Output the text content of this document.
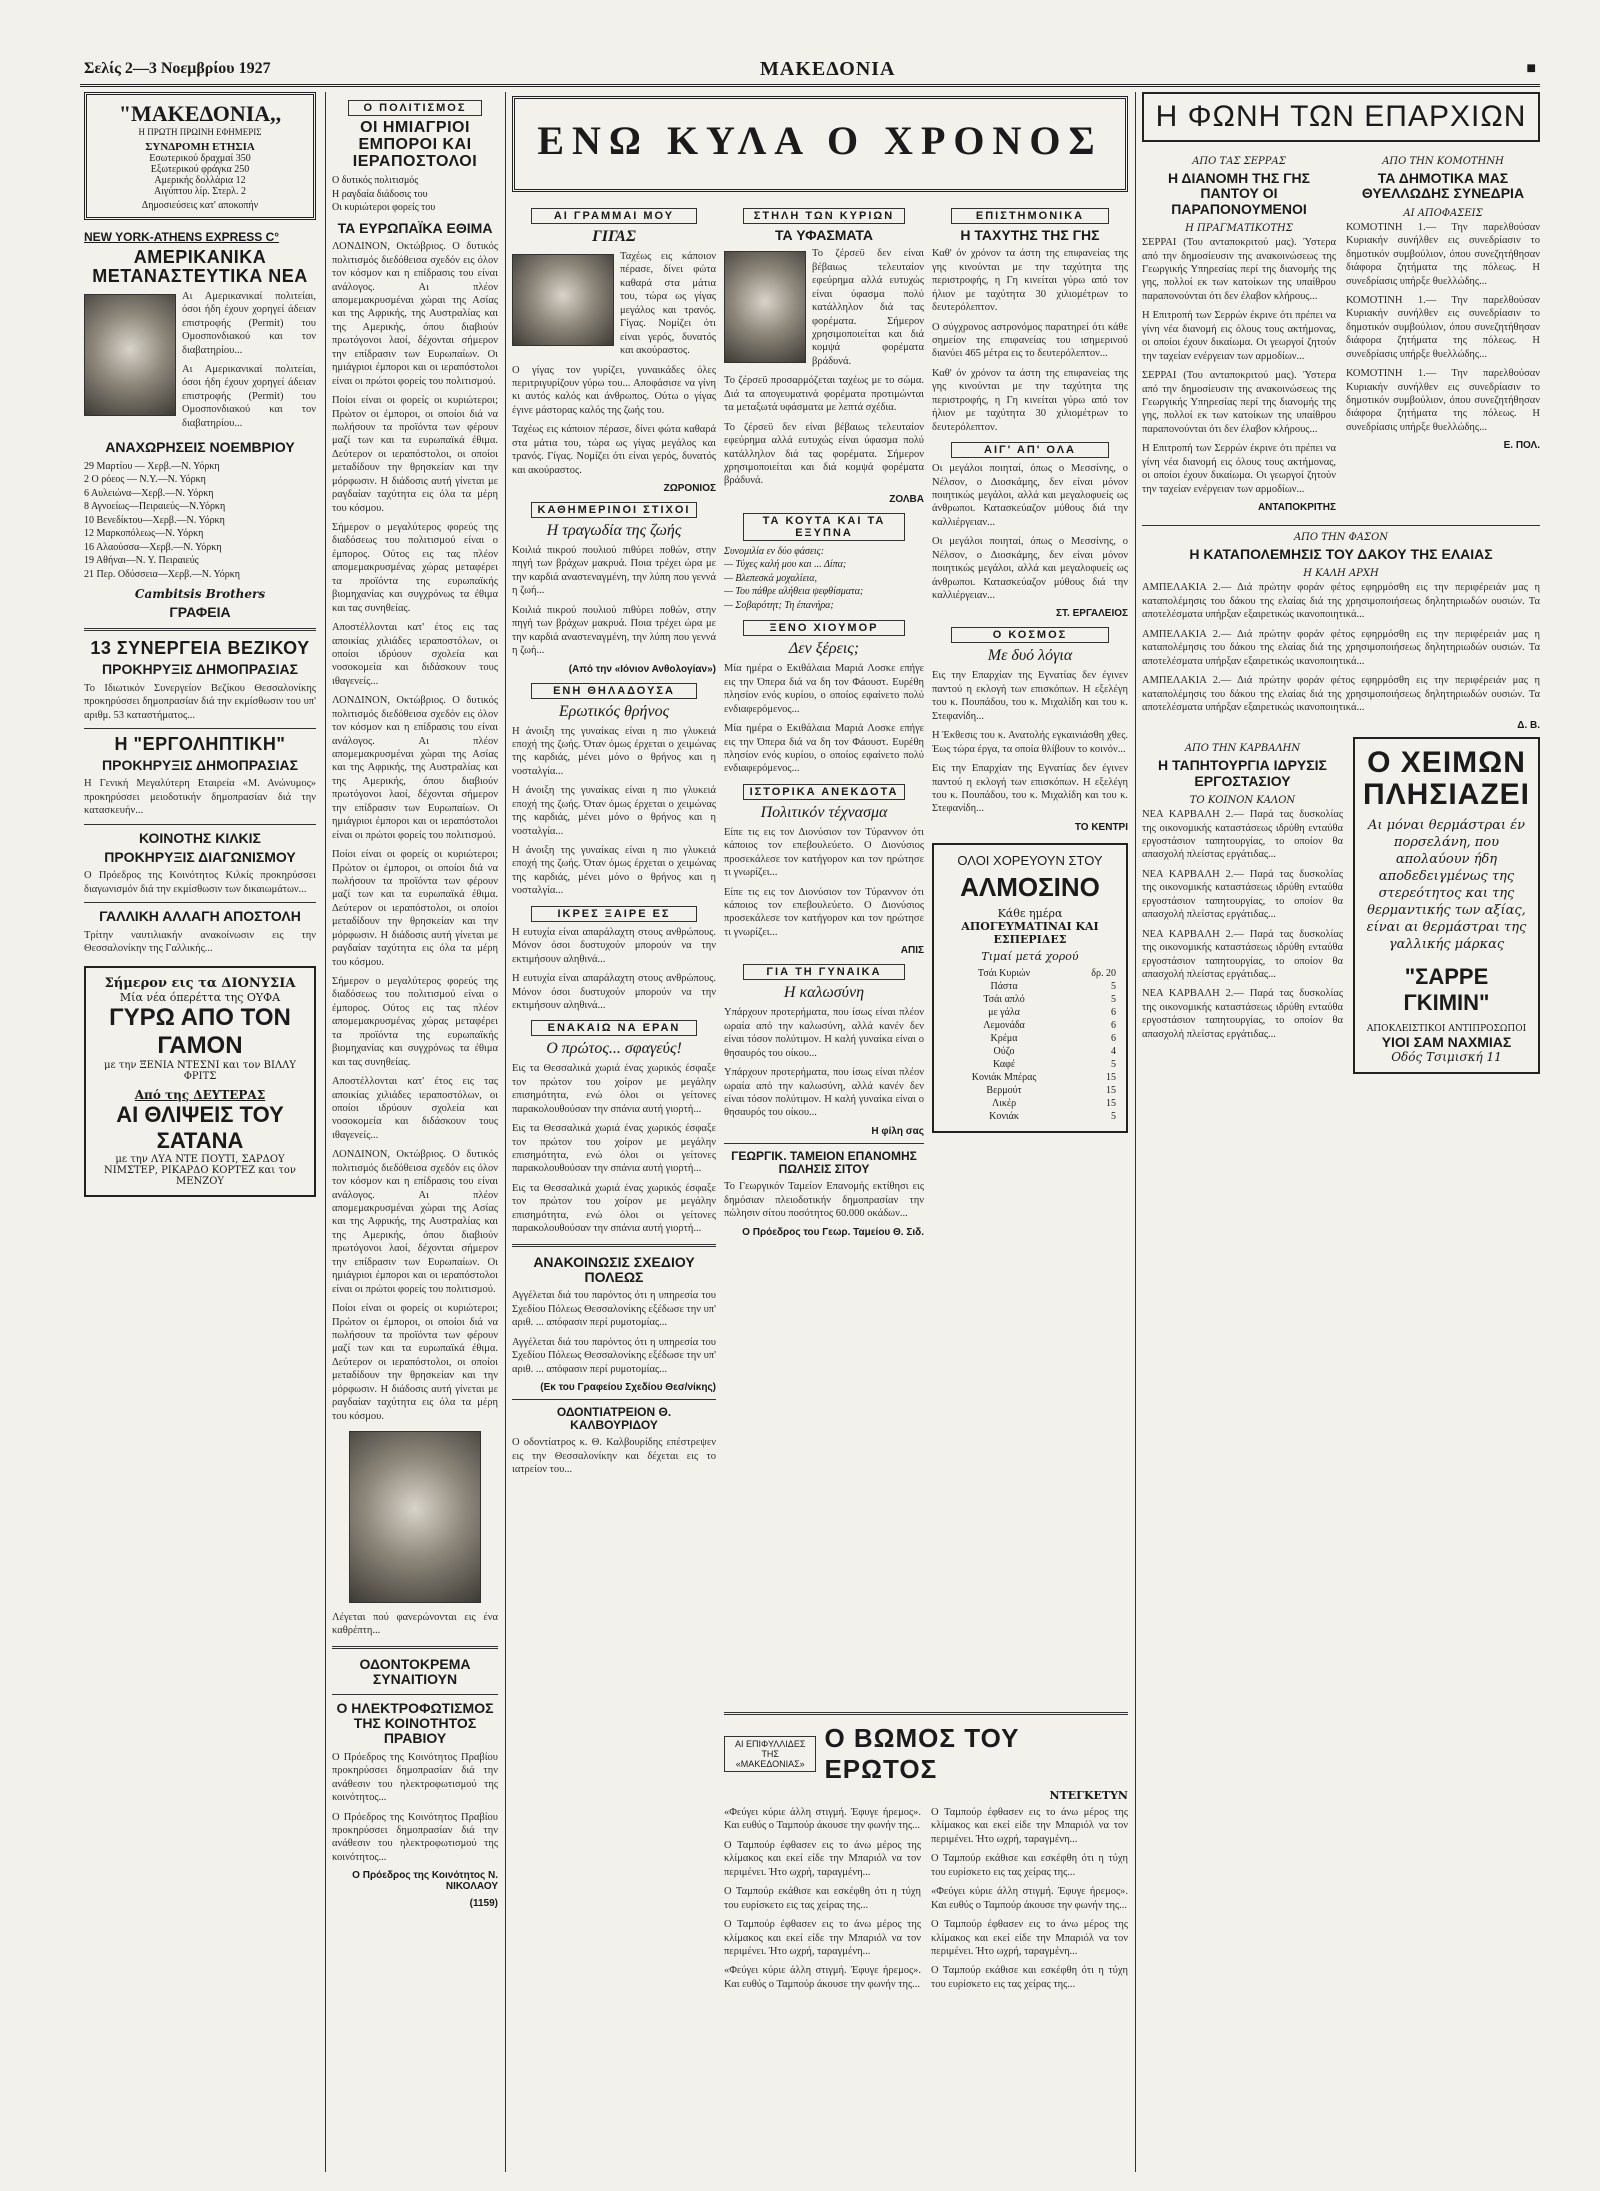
Σελίς 2—3 Νοεμβρίου 1927	ΜΑΚΕΔΟΝΙΑ	■
"ΜΑΚΕΔΟΝΙΑ,,
Η ΠΡΩΤΗ ΠΡΩΙΝΗ ΕΦΗΜΕΡΙΣ
ΣΥΝΔΡΟΜΗ ΕΤΗΣΙΑ
Εσωτερικού δραχμαί 350
Εξωτερικού φράγκα 250
Αμερικής δολλάρια 12
Αιγύπτου λίρ. Στερλ. 2
Δημοσιεύσεις κατ' αποκοπήν
NEW YORK-ATHENS EXPRESS C°
ΑΜΕΡΙΚΑΝΙΚΑ ΜΕΤΑΝΑΣΤΕΥΤΙΚΑ ΝΕΑ

Αι Αμερικανικαί πολιτείαι, όσοι ήδη έχουν χορηγεί άδειαν επιστροφής (Permit) του Ομοσπονδιακού και τον διαβατηρίου...

Αι Αμερικανικαί πολιτείαι, όσοι ήδη έχουν χορηγεί άδειαν επιστροφής (Permit) του Ομοσπονδιακού και τον διαβατηρίου...

ΑΝΑΧΩΡΗΣΕΙΣ ΝΟΕΜΒΡΙΟΥ
29 Μαρτίου — Χερβ.—Ν. Υόρκη
2 Ο ρόεος — Ν.Υ.—Ν. Υόρκη
6 Αυλειώνα—Χερβ.—Ν. Υόρκη
8 Αγνοείως—Πειραιεύς—Ν.Υόρκη
10 Βενεδίκτου—Χερβ.—Ν. Υόρκη
12 Μαρκοπόλεως—Ν. Υόρκη
16 Αλαούσσα—Χερβ.—Ν. Υόρκη
19 Αθήναι—Ν. Υ. Πειραιεύς
21 Περ. Οδύσσεια—Χερβ.—Ν. Υόρκη
Cambitsis Brothers
ΓΡΑΦΕΙΑ
13 ΣΥΝΕΡΓΕΙΑ ΒΕΖΙΚΟΥ
ΠΡΟΚΗΡΥΞΙΣ ΔΗΜΟΠΡΑΣΙΑΣ

Το Ιδιωτικόν Συνεργείον Βεζίκου Θεσσαλονίκης προκηρύσσει δημοπρασίαν διά την εκμίσθωσιν του υπ' αριθμ. 53 καταστήματος...

Η "ΕΡΓΟΛΗΠΤΙΚΗ"
ΠΡΟΚΗΡΥΞΙΣ ΔΗΜΟΠΡΑΣΙΑΣ

Η Γενική Μεγαλύτερη Εταιρεία «Μ. Ανώνυμος» προκηρύσσει μειοδοτικήν δημοπρασίαν διά την κατασκευήν...

ΚΟΙΝΟΤΗΣ ΚΙΛΚΙΣ
ΠΡΟΚΗΡΥΞΙΣ ΔΙΑΓΩΝΙΣΜΟΥ

Ο Πρόεδρος της Κοινότητος Κιλκίς προκηρύσσει διαγωνισμόν διά την εκμίσθωσιν των δικαιωμάτων...

ΓΑΛΛΙΚΗ ΑΛΛΑΓΗ ΑΠΟΣΤΟΛΗ

Τρίτην ναυτιλιακήν ανακοίνωσιν εις την Θεσσαλονίκην της Γαλλικής...

Σήμερον εις τα ΔΙΟΝΥΣΙΑ
Μία νέα όπερέττα της ΟΥΦΑ
ΓΥΡΩ ΑΠΟ ΤΟΝ ΓΑΜΟΝ
με την ΞΕΝΙΑ ΝΤΕΣΝΙ και τον ΒΙΛΛΥ ΦΡΙΤΣ
Από της ΔΕΥΤΕΡΑΣ
ΑΙ ΘΛΙΨΕΙΣ ΤΟΥ ΣΑΤΑΝΑ
με την ΛΥΑ ΝΤΕ ΠΟΥΤΙ, ΣΑΡΔΟΥ ΝΙΜΣΤΕΡ, ΡΙΚΑΡΔΟ ΚΟΡΤΕΖ και τον ΜΕΝΖΟΥ
Ο ΠΟΛΙΤΙΣΜΟΣ
ΟΙ ΗΜΙΑΓΡΙΟΙ ΕΜΠΟΡΟΙ ΚΑΙ ΙΕΡΑΠΟΣΤΟΛΟΙ
Ο δυτικός πολιτισμός
Η ραγδαία διάδοσις του
Οι κυριώτεροι φορείς του
ΤΑ ΕΥΡΩΠΑΪΚΑ ΕΘΙΜΑ

ΛΟΝΔΙΝΟΝ, Οκτώβριος. Ο δυτικός πολιτισμός διεδόθεισα σχεδόν εις όλον τον κόσμον και η επίδρασις του είναι ανάλογος. Αι πλέον απομεμακρυσμέναι χώραι της Ασίας και της Αφρικής, της Αυστραλίας και της Αμερικής, όπου διαβιούν πρωτόγονοι λαοί, δέχονται σήμερον την επίδρασιν των Ευρωπαίων. Οι ημιάγριοι έμποροι και οι ιεραπόστολοι είναι οι πρώτοι φορείς του πολιτισμού.

Ποίοι είναι οι φορείς οι κυριώτεροι; Πρώτον οι έμποροι, οι οποίοι διά να πωλήσουν τα προϊόντα των φέρουν μαζί των και τα ευρωπαϊκά έθιμα. Δεύτερον οι ιεραπόστολοι, οι οποίοι μεταδίδουν την θρησκείαν και την μόρφωσιν. Η διάδοσις αυτή γίνεται με ραγδαίαν ταχύτητα εις όλα τα μέρη του κόσμου.

Σήμερον ο μεγαλύτερος φορεύς της διαδόσεως του πολιτισμού είναι ο έμπορος. Ούτος εις τας πλέον απομεμακρυσμένας χώρας μεταφέρει τα προϊόντα της ευρωπαϊκής βιομηχανίας και συγχρόνως τα έθιμα και τας συνηθείας.

Αποστέλλονται κατ' έτος εις τας αποικίας χιλιάδες ιεραποστόλων, οι οποίοι ιδρύουν σχολεία και νοσοκομεία και διδάσκουν τους ιθαγενείς...

ΛΟΝΔΙΝΟΝ, Οκτώβριος. Ο δυτικός πολιτισμός διεδόθεισα σχεδόν εις όλον τον κόσμον και η επίδρασις του είναι ανάλογος. Αι πλέον απομεμακρυσμέναι χώραι της Ασίας και της Αφρικής, της Αυστραλίας και της Αμερικής, όπου διαβιούν πρωτόγονοι λαοί, δέχονται σήμερον την επίδρασιν των Ευρωπαίων. Οι ημιάγριοι έμποροι και οι ιεραπόστολοι είναι οι πρώτοι φορείς του πολιτισμού.

Ποίοι είναι οι φορείς οι κυριώτεροι; Πρώτον οι έμποροι, οι οποίοι διά να πωλήσουν τα προϊόντα των φέρουν μαζί των και τα ευρωπαϊκά έθιμα. Δεύτερον οι ιεραπόστολοι, οι οποίοι μεταδίδουν την θρησκείαν και την μόρφωσιν. Η διάδοσις αυτή γίνεται με ραγδαίαν ταχύτητα εις όλα τα μέρη του κόσμου.

Σήμερον ο μεγαλύτερος φορεύς της διαδόσεως του πολιτισμού είναι ο έμπορος. Ούτος εις τας πλέον απομεμακρυσμένας χώρας μεταφέρει τα προϊόντα της ευρωπαϊκής βιομηχανίας και συγχρόνως τα έθιμα και τας συνηθείας.

Αποστέλλονται κατ' έτος εις τας αποικίας χιλιάδες ιεραποστόλων, οι οποίοι ιδρύουν σχολεία και νοσοκομεία και διδάσκουν τους ιθαγενείς...

ΛΟΝΔΙΝΟΝ, Οκτώβριος. Ο δυτικός πολιτισμός διεδόθεισα σχεδόν εις όλον τον κόσμον και η επίδρασις του είναι ανάλογος. Αι πλέον απομεμακρυσμέναι χώραι της Ασίας και της Αφρικής, της Αυστραλίας και της Αμερικής, όπου διαβιούν πρωτόγονοι λαοί, δέχονται σήμερον την επίδρασιν των Ευρωπαίων. Οι ημιάγριοι έμποροι και οι ιεραπόστολοι είναι οι πρώτοι φορείς του πολιτισμού.

Ποίοι είναι οι φορείς οι κυριώτεροι; Πρώτον οι έμποροι, οι οποίοι διά να πωλήσουν τα προϊόντα των φέρουν μαζί των και τα ευρωπαϊκά έθιμα. Δεύτερον οι ιεραπόστολοι, οι οποίοι μεταδίδουν την θρησκείαν και την μόρφωσιν. Η διάδοσις αυτή γίνεται με ραγδαίαν ταχύτητα εις όλα τα μέρη του κόσμου.

Λέγεται πού φανερώνονται εις ένα καθρέπτη...

ΟΔΟΝΤΟΚΡΕΜΑ ΣΥΝΑΙΤΙΟΥΝ
Ο ΗΛΕΚΤΡΟΦΩΤΙΣΜΟΣ ΤΗΣ ΚΟΙΝΟΤΗΤΟΣ ΠΡΑΒΙΟΥ

Ο Πρόεδρος της Κοινότητος Πραβίου προκηρύσσει δημοπρασίαν διά την ανάθεσιν του ηλεκτροφωτισμού της κοινότητος...

Ο Πρόεδρος της Κοινότητος Πραβίου προκηρύσσει δημοπρασίαν διά την ανάθεσιν του ηλεκτροφωτισμού της κοινότητος...

Ο Πρόεδρος της Κοινότητος Ν. ΝΙΚΟΛΑΟΥ
(1159)
ΕΝΩ ΚΥΛΑ Ο ΧΡΟΝΟΣ
ΑΙ ΓΡΑΜΜΑΙ ΜΟΥ
ΓΙΓΑΣ

Ταχέως εις κάποιον πέρασε, δίνει φώτα καθαρά στα μάτια του, τώρα ως γίγας μεγάλος και τρανός. Γίγας. Νομίζει ότι είναι γερός, δυνατός και ακούραστος.

Ο γίγας τον γυρίζει, γυναικάδες όλες περιτριγυρίζουν γύρω του... Αποφάσισε να γίνη κι αυτός καλός και άνθρωπος. Ούτω ο γίγας έγινε μάστορας καλός της ζωής του.

Ταχέως εις κάποιον πέρασε, δίνει φώτα καθαρά στα μάτια του, τώρα ως γίγας μεγάλος και τρανός. Γίγας. Νομίζει ότι είναι γερός, δυνατός και ακούραστος.

ΖΩΡΟΝΙΟΣ
ΚΑΘΗΜΕΡΙΝΟΙ ΣΤΙΧΟΙ
Η τραγωδία της ζωής

Κοιλιά πικρού πουλιού πιθύρει ποθών, στην πηγή των βράχων μακρυά. Ποια τρέχει ώρα με την καρδιά αναστεναγμένη, την λύπη που γεννά η ζωή...

Κοιλιά πικρού πουλιού πιθύρει ποθών, στην πηγή των βράχων μακρυά. Ποια τρέχει ώρα με την καρδιά αναστεναγμένη, την λύπη που γεννά η ζωή...

(Από την «Ιόνιον Ανθολογίαν»)
ΕΝΗ ΘΗΛΑΔΟΥΣΑ
Ερωτικός θρήνος

Η άνοιξη της γυναίκας είναι η πιο γλυκειά εποχή της ζωής. Όταν όμως έρχεται ο χειμώνας της καρδιάς, μένει μόνο ο θρήνος και η νοσταλγία...

Η άνοιξη της γυναίκας είναι η πιο γλυκειά εποχή της ζωής. Όταν όμως έρχεται ο χειμώνας της καρδιάς, μένει μόνο ο θρήνος και η νοσταλγία...

Η άνοιξη της γυναίκας είναι η πιο γλυκειά εποχή της ζωής. Όταν όμως έρχεται ο χειμώνας της καρδιάς, μένει μόνο ο θρήνος και η νοσταλγία...

ΙΚΡΕΣ ΞΑΙΡΕ ΕΣ

Η ευτυχία είναι απαράλαχτη στους ανθρώπους. Μόνον όσοι δυστυχούν μπορούν να την εκτιμήσουν αληθινά...

Η ευτυχία είναι απαράλαχτη στους ανθρώπους. Μόνον όσοι δυστυχούν μπορούν να την εκτιμήσουν αληθινά...

ΕΝΑΚΑΙΩ ΝΑ ΕΡΑΝ
Ο πρώτος... σφαγεύς!

Εις τα Θεσσαλικά χωριά ένας χωρικός έσφαξε τον πρώτον του χοίρον με μεγάλην επισημότητα, ενώ όλοι οι γείτονες παρακολουθούσαν την σπάνια αυτή γιορτή...

Εις τα Θεσσαλικά χωριά ένας χωρικός έσφαξε τον πρώτον του χοίρον με μεγάλην επισημότητα, ενώ όλοι οι γείτονες παρακολουθούσαν την σπάνια αυτή γιορτή...

Εις τα Θεσσαλικά χωριά ένας χωρικός έσφαξε τον πρώτον του χοίρον με μεγάλην επισημότητα, ενώ όλοι οι γείτονες παρακολουθούσαν την σπάνια αυτή γιορτή...

ΑΝΑΚΟΙΝΩΣΙΣ ΣΧΕΔΙΟΥ ΠΟΛΕΩΣ

Αγγέλεται διά του παρόντος ότι η υπηρεσία του Σχεδίου Πόλεως Θεσσαλονίκης εξέδωσε την υπ' αριθ. ... απόφασιν περί ρυμοτομίας...

Αγγέλεται διά του παρόντος ότι η υπηρεσία του Σχεδίου Πόλεως Θεσσαλονίκης εξέδωσε την υπ' αριθ. ... απόφασιν περί ρυμοτομίας...

(Εκ του Γραφείου Σχεδίου Θεσ/νίκης)
ΟΔΟΝΤΙΑΤΡΕΙΟΝ Θ. ΚΑΛΒΟΥΡΙΔΟΥ

Ο οδοντίατρος κ. Θ. Καλβουρίδης επέστρεψεν εις την Θεσσαλονίκην και δέχεται εις το ιατρείον του...

ΣΤΗΛΗ ΤΩΝ ΚΥΡΙΩΝ
ΤΑ ΥΦΑΣΜΑΤΑ

Το ζέρσεϋ δεν είναι βέβαιως τελευταίον εφεύρημα αλλά ευτυχώς είναι ύφασμα πολύ κατάλληλον διά τας φορέματα. Σήμερον χρησιμοποιείται και διά κομψά φορέματα βράδυνά.

Το ζέρσεϋ προσαρμόζεται ταχέως με το σώμα. Διά τα απογευματινά φορέματα προτιμώνται τα μεταξωτά υφάσματα με λεπτά σχέδια.

Το ζέρσεϋ δεν είναι βέβαιως τελευταίον εφεύρημα αλλά ευτυχώς είναι ύφασμα πολύ κατάλληλον διά τας φορέματα. Σήμερον χρησιμοποιείται και διά κομψά φορέματα βράδυνά.

ΖΟΛΒΑ
ΤΑ ΚΟΥΤΑ ΚΑΙ ΤΑ ΕΞΥΠΝΑ
Συνομιλία εν δύο φάσεις:
— Τύχες καλή μου και ... Δίπα;
— Βλεπεσκά μοχαλίεια,
— Του πάθρε αλήθεια ψεφθίσματα;
— Σοβαρότητ; Τη έπανήρα;
ΞΕΝΟ ΧΙΟΥΜΟΡ
Δεν ξέρεις;

Μία ημέρα ο Εκιθάλαια Μαριά Λοσκε επήγε εις την Όπερα διά να δη τον Φάουστ. Ευρέθη πλησίον ενός κυρίου, ο οποίος εφαίνετο πολύ ενδιαφερόμενος...

Μία ημέρα ο Εκιθάλαια Μαριά Λοσκε επήγε εις την Όπερα διά να δη τον Φάουστ. Ευρέθη πλησίον ενός κυρίου, ο οποίος εφαίνετο πολύ ενδιαφερόμενος...

ΙΣΤΟΡΙΚΑ ΑΝΕΚΔΟΤΑ
Πολιτικόν τέχνασμα

Είπε τις εις τον Διονύσιον τον Τύραννον ότι κάποιος τον επεβουλεύετο. Ο Διονύσιος προσεκάλεσε τον κατήγορον και τον ηρώτησε τι γνωρίζει...

Είπε τις εις τον Διονύσιον τον Τύραννον ότι κάποιος τον επεβουλεύετο. Ο Διονύσιος προσεκάλεσε τον κατήγορον και τον ηρώτησε τι γνωρίζει...

ΑΠΙΣ
ΓΙΑ ΤΗ ΓΥΝΑΙΚΑ
Η καλωσύνη

Υπάρχουν προτερήματα, που ίσως είναι πλέον ωραία από την καλωσύνη, αλλά κανέν δεν είναι τόσον πολύτιμον. Η καλή γυναίκα είναι ο θησαυρός του οίκου...

Υπάρχουν προτερήματα, που ίσως είναι πλέον ωραία από την καλωσύνη, αλλά κανέν δεν είναι τόσον πολύτιμον. Η καλή γυναίκα είναι ο θησαυρός του οίκου...

Η φίλη σας
ΓΕΩΡΓΙΚ. ΤΑΜΕΙΟΝ ΕΠΑΝΟΜΗΣ ΠΩΛΗΣΙΣ ΣΙΤΟΥ

Το Γεωργικόν Ταμείον Επανομής εκτίθησι εις δημόσιαν πλειοδοτικήν δημοπρασίαν την πώλησιν σίτου ποσότητος 60.000 οκάδων...

Ο Πρόεδρος του Γεωρ. Ταμείου Θ. Σιδ.
ΕΠΙΣΤΗΜΟΝΙΚΑ
Η ΤΑΧΥΤΗΣ ΤΗΣ ΓΗΣ

Καθ' όν χρόνον τα άστη της επιφανείας της γης κινούνται με την ταχύτητα της περιστροφής, η Γη κινείται γύρω από τον ήλιον με ταχύτητα 30 χιλιομέτρων το δευτερόλεπτον.

Ο σύγχρονος αστρονόμος παρατηρεί ότι κάθε σημείον της επιφανείας του ισημερινού διανύει 465 μέτρα εις το δευτερόλεπτον...

Καθ' όν χρόνον τα άστη της επιφανείας της γης κινούνται με την ταχύτητα της περιστροφής, η Γη κινείται γύρω από τον ήλιον με ταχύτητα 30 χιλιομέτρων το δευτερόλεπτον.

ΑΙΓ' ΑΠ' ΟΛΑ

Οι μεγάλοι ποιηταί, όπως ο Μεσσίνης, ο Νέλσον, ο Διοσκάμης, δεν είναι μόνον ποιητικώς μεγάλοι, αλλά και μεγαλοφυείς ως άνθρωποι. Κατασκεύαζον μύθους διά την καλλιέργειαν...

Οι μεγάλοι ποιηταί, όπως ο Μεσσίνης, ο Νέλσον, ο Διοσκάμης, δεν είναι μόνον ποιητικώς μεγάλοι, αλλά και μεγαλοφυείς ως άνθρωποι. Κατασκεύαζον μύθους διά την καλλιέργειαν...

ΣΤ. ΕΡΓΑΛΕΙΟΣ
Ο ΚΟΣΜΟΣ
Με δυό λόγια

Εις την Επαρχίαν της Εγνατίας δεν έγινεν παντού η εκλογή των επισκόπων. Η εξελέγη του κ. Πουπάδου, του κ. Μιχαλίδη και του κ. Στεφανίδη...

Η Έκθεσις του κ. Ανατολής εγκαινιάσθη χθες. Έως τώρα έργα, τα οποία θλίβουν το κοινόν...

Εις την Επαρχίαν της Εγνατίας δεν έγινεν παντού η εκλογή των επισκόπων. Η εξελέγη του κ. Πουπάδου, του κ. Μιχαλίδη και του κ. Στεφανίδη...

ΤΟ ΚΕΝΤΡΙ
ΟΛΟΙ ΧΟΡΕΥΟΥΝ ΣΤΟΥ
ΑΛΜΟΣΙΝΟ
Κάθε ημέρα
ΑΠΟΓΕΥΜΑΤΙΝΑΙ ΚΑΙ ΕΣΠΕΡΙΔΕΣ
Τιμαί μετά χορού
Τσάι Κυριών	δρ. 20
Πάστα	5
Τσάι απλό	5
με γάλα	6
Λεμονάδα	6
Κρέμα	6
Ούζο	4
Καφέ	5
Κονιάκ Μπέρας	15
Βερμούτ	15
Λικέρ	15
Κονιάκ	5
ΑΙ ΕΠΙΦΥΛΛΙΔΕΣ ΤΗΣ «ΜΑΚΕΔΟΝΙΑΣ»
Ο ΒΩΜΟΣ ΤΟΥ ΕΡΩΤΟΣ
ΝΤΕΓΚΕΤΥΝ

«Φεύγει κύριε άλλη στιγμή. Έφυγε ήρεμος». Και ευθύς ο Ταμπούρ άκουσε την φωνήν της...

Ο Ταμπούρ έφθασεν εις το άνω μέρος της κλίμακος και εκεί είδε την Μπαριόλ να τον περιμένει. Ήτο ωχρή, ταραγμένη...

Ο Ταμπούρ εκάθισε και εσκέφθη ότι η τύχη του ευρίσκετο εις τας χείρας της...

Ο Ταμπούρ έφθασεν εις το άνω μέρος της κλίμακος και εκεί είδε την Μπαριόλ να τον περιμένει. Ήτο ωχρή, ταραγμένη...

«Φεύγει κύριε άλλη στιγμή. Έφυγε ήρεμος». Και ευθύς ο Ταμπούρ άκουσε την φωνήν της...

Ο Ταμπούρ έφθασεν εις το άνω μέρος της κλίμακος και εκεί είδε την Μπαριόλ να τον περιμένει. Ήτο ωχρή, ταραγμένη...

Ο Ταμπούρ εκάθισε και εσκέφθη ότι η τύχη του ευρίσκετο εις τας χείρας της...

«Φεύγει κύριε άλλη στιγμή. Έφυγε ήρεμος». Και ευθύς ο Ταμπούρ άκουσε την φωνήν της...

Ο Ταμπούρ έφθασεν εις το άνω μέρος της κλίμακος και εκεί είδε την Μπαριόλ να τον περιμένει. Ήτο ωχρή, ταραγμένη...

Ο Ταμπούρ εκάθισε και εσκέφθη ότι η τύχη του ευρίσκετο εις τας χείρας της...

Η ΦΩΝΗ ΤΩΝ ΕΠΑΡΧΙΩΝ
ΑΠΟ ΤΑΣ ΣΕΡΡΑΣ
Η ΔΙΑΝΟΜΗ ΤΗΣ ΓΗΣ ΠΑΝΤΟΥ ΟΙ ΠΑΡΑΠΟΝΟΥΜΕΝΟΙ
Η ΠΡΑΓΜΑΤΙΚΟΤΗΣ

ΣΕΡΡΑΙ (Του ανταποκριτού μας). Ύστερα από την δημοσίευσιν της ανακοινώσεως της Γεωργικής Υπηρεσίας περί της διανομής της γης, πολλοί εκ των κατοίκων της υπαίθρου παραπονούνται ότι δεν έλαβον κλήρους...

Η Επιτροπή των Σερρών έκρινε ότι πρέπει να γίνη νέα διανομή εις όλους τους ακτήμονας, οι οποίοι έχουν δικαίωμα. Οι γεωργοί ζητούν την ταχείαν ενέργειαν των αρμοδίων...

ΣΕΡΡΑΙ (Του ανταποκριτού μας). Ύστερα από την δημοσίευσιν της ανακοινώσεως της Γεωργικής Υπηρεσίας περί της διανομής της γης, πολλοί εκ των κατοίκων της υπαίθρου παραπονούνται ότι δεν έλαβον κλήρους...

Η Επιτροπή των Σερρών έκρινε ότι πρέπει να γίνη νέα διανομή εις όλους τους ακτήμονας, οι οποίοι έχουν δικαίωμα. Οι γεωργοί ζητούν την ταχείαν ενέργειαν των αρμοδίων...

ΑΝΤΑΠΟΚΡΙΤΗΣ
ΑΠΟ ΤΗΝ ΚΟΜΟΤΗΝΗ
ΤΑ ΔΗΜΟΤΙΚΑ ΜΑΣ ΘΥΕΛΛΩΔΗΣ ΣΥΝΕΔΡΙΑ
ΑΙ ΑΠΟΦΑΣΕΙΣ

ΚΟΜΟΤΙΝΗ 1.— Την παρελθούσαν Κυριακήν συνήλθεν εις συνεδρίασιν το δημοτικόν συμβούλιον, όπου συνεζητήθησαν διάφορα ζητήματα της πόλεως. Η συνεδρίασις υπήρξε θυελλώδης...

ΚΟΜΟΤΙΝΗ 1.— Την παρελθούσαν Κυριακήν συνήλθεν εις συνεδρίασιν το δημοτικόν συμβούλιον, όπου συνεζητήθησαν διάφορα ζητήματα της πόλεως. Η συνεδρίασις υπήρξε θυελλώδης...

ΚΟΜΟΤΙΝΗ 1.— Την παρελθούσαν Κυριακήν συνήλθεν εις συνεδρίασιν το δημοτικόν συμβούλιον, όπου συνεζητήθησαν διάφορα ζητήματα της πόλεως. Η συνεδρίασις υπήρξε θυελλώδης...

Ε. ΠΟΛ.
ΑΠΟ ΤΗΝ ΦΑΣΟΝ
Η ΚΑΤΑΠΟΛΕΜΗΣΙΣ ΤΟΥ ΔΑΚΟΥ ΤΗΣ ΕΛΑΙΑΣ
Η ΚΑΛΗ ΑΡΧΗ

ΑΜΠΕΛΑΚΙΑ 2.— Διά πρώτην φοράν φέτος εφηρμόσθη εις την περιφέρειάν μας η καταπολέμησις του δάκου της ελαίας διά της χρησιμοποιήσεως δηλητηριωδών ουσιών. Τα αποτελέσματα υπήρξαν εξαιρετικώς ικανοποιητικά...

ΑΜΠΕΛΑΚΙΑ 2.— Διά πρώτην φοράν φέτος εφηρμόσθη εις την περιφέρειάν μας η καταπολέμησις του δάκου της ελαίας διά της χρησιμοποιήσεως δηλητηριωδών ουσιών. Τα αποτελέσματα υπήρξαν εξαιρετικώς ικανοποιητικά...

ΑΜΠΕΛΑΚΙΑ 2.— Διά πρώτην φοράν φέτος εφηρμόσθη εις την περιφέρειάν μας η καταπολέμησις του δάκου της ελαίας διά της χρησιμοποιήσεως δηλητηριωδών ουσιών. Τα αποτελέσματα υπήρξαν εξαιρετικώς ικανοποιητικά...

Δ. Β.
ΑΠΟ ΤΗΝ ΚΑΡΒΑΛΗΝ
Η ΤΑΠΗΤΟΥΡΓΙΑ ΙΔΡΥΣΙΣ ΕΡΓΟΣΤΑΣΙΟΥ
ΤΟ ΚΟΙΝΟΝ ΚΑΛΟΝ

ΝΕΑ ΚΑΡΒΑΛΗ 2.— Παρά τας δυσκολίας της οικονομικής καταστάσεως ιδρύθη ενταύθα εργοστάσιον ταπητουργίας, το οποίον θα απασχολή πλείστας εργάτιδας...

ΝΕΑ ΚΑΡΒΑΛΗ 2.— Παρά τας δυσκολίας της οικονομικής καταστάσεως ιδρύθη ενταύθα εργοστάσιον ταπητουργίας, το οποίον θα απασχολή πλείστας εργάτιδας...

ΝΕΑ ΚΑΡΒΑΛΗ 2.— Παρά τας δυσκολίας της οικονομικής καταστάσεως ιδρύθη ενταύθα εργοστάσιον ταπητουργίας, το οποίον θα απασχολή πλείστας εργάτιδας...

ΝΕΑ ΚΑΡΒΑΛΗ 2.— Παρά τας δυσκολίας της οικονομικής καταστάσεως ιδρύθη ενταύθα εργοστάσιον ταπητουργίας, το οποίον θα απασχολή πλείστας εργάτιδας...

Ο ΧΕΙΜΩΝ ΠΛΗΣΙΑΖΕΙ
Αι μόναι θερμάστραι έν πορσελάνη, που απολαύουν ήδη αποδεδειγμένως της στερεότητος και της θερμαντικής των αξίας, είναι αι θερμάστραι της γαλλικής μάρκας
"ΣΑΡΡΕ ΓΚΙΜΙΝ"
ΑΠΟΚΛΕΙΣΤΙΚΟΙ ΑΝΤΙΠΡΟΣΩΠΟΙ
ΥΙΟΙ ΣΑΜ ΝΑΧΜΙΑΣ
Οδός Τσιμισκή 11
